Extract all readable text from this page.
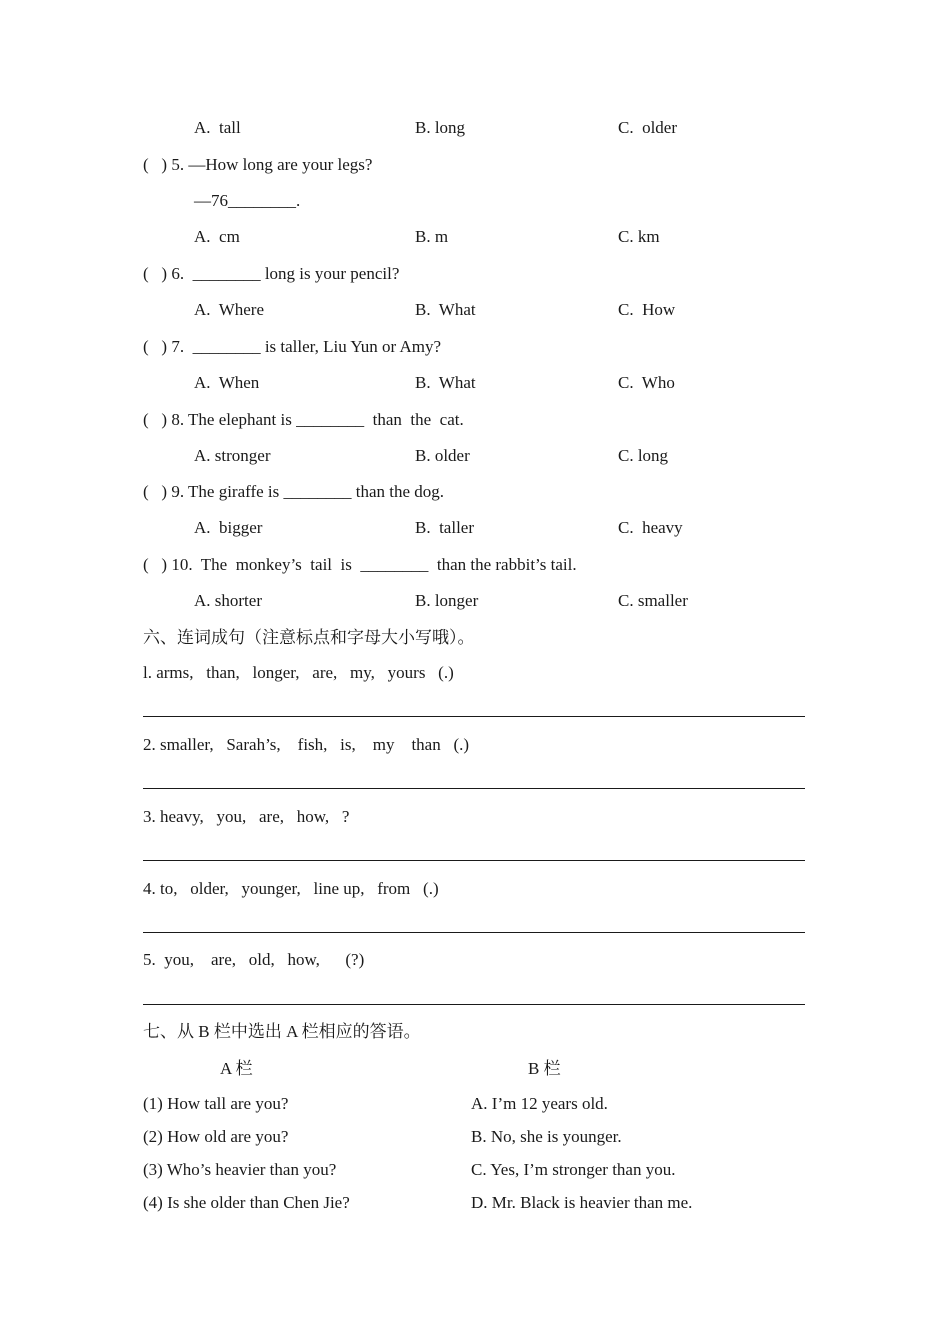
A.  tall	B. long	C.  older
(   ) 5. —How long are your legs?
—76________.
A.  cm	B. m	C. km
(   ) 6.  ________ long is your pencil?
A.  Where	B.  What	C.  How
(   ) 7.  ________ is taller, Liu Yun or Amy?
A.  When	B.  What	C.  Who
(   ) 8. The elephant is ________  than  the  cat.
A. stronger	B. older	C. long
(   ) 9. The giraffe is ________ than the dog.
A.  bigger	B.  taller	C.  heavy
(   ) 10.  The  monkey’s  tail  is  ________  than the rabbit’s tail.
A. shorter	B. longer	C. smaller
六、连词成句（注意标点和字母大小写哦）。
l. arms,   than,   longer,   are,   my,   yours   (.)
2. smaller,   Sarah’s,    fish,   is,    my    than   (.)
3. heavy,   you,   are,   how,   ?
4. to,   older,   younger,   line up,   from   (.)
5.  you,    are,   old,   how,      (?)
七、从 B 栏中选出 A 栏相应的答语。
A 栏	B 栏
(1) How tall are you?	A. I’m 12 years old.
(2) How old are you?	B. No, she is younger.
(3) Who’s heavier than you?	C. Yes, I’m stronger than you.
(4) Is she older than Chen Jie?	D. Mr. Black is heavier than me.
